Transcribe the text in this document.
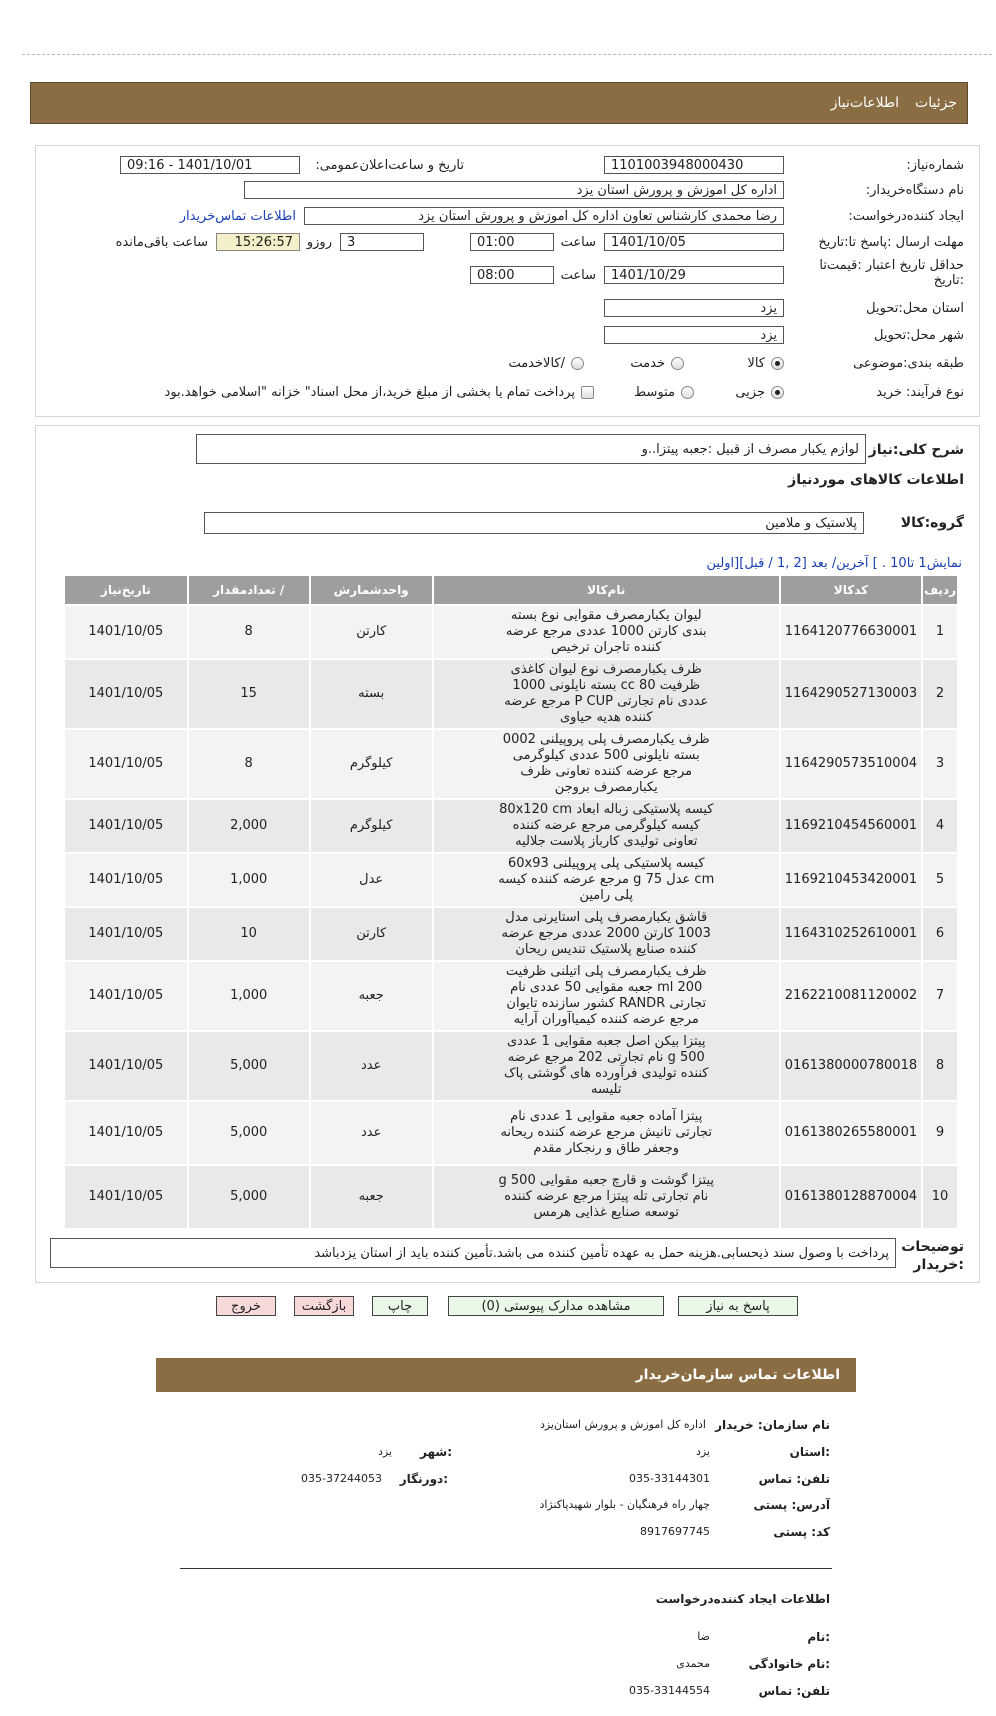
جزئیات
اطلاعات‌نیاز
شماره‌نیاز:
1101003948000430
تاریخ و ساعت‌اعلان‌عمومی:
1401/10/01 - 09:16
نام دستگاه‌خریدار:
اداره کل اموزش و پرورش استان یزد
ایجاد کننده‌درخواست:
رضا محمدی کارشناس تعاون اداره کل اموزش و پرورش استان یزد
اطلاعات تماس‌خریدار
مهلت ارسال :پاسخ تا:تاریخ
1401/10/05
ساعت
01:00
3
روزو
15:26:57
ساعت باقی‌مانده
حداقل تاریخ اعتبار :قیمت‌تا :تاریخ
1401/10/29
ساعت
08:00
استان محل:تحویل
یزد
شهر محل:تحویل
یزد
طبقه بندی:موضوعی
کالا
خدمت
/کالاخدمت
نوع فرآیند: خرید
جزیی
متوسط
پرداخت تمام یا بخشی از مبلغ خرید،از محل اسناد" خزانه "اسلامی خواهد.بود
شرح کلی:نیاز
لوازم یکبار مصرف از قبیل :جعبه پیتزا..و
اطلاعات کالاهای مورد‌نیاز
گروه:کالا
پلاستیک و ملامین
نمایش1 تا10 . ] آخرین/ بعد [2 ,1 / قبل][اولین
ردیف	کدکالا	نام‌کالا	واحدشمارش	/ تعدادمقدار	تاریخ‌نیاز
1	1164120776630001	لیوان یکبارمصرف مقوایی نوع بسته بندی کارتن 1000 عددی مرجع عرضه کننده تاجران ترخیص	کارتن	8	1401/10/05
2	1164290527130003	ظرف یکبارمصرف نوع لیوان کاغذی ظرفیت 80 cc بسته نایلونی 1000 عددی نام تجارتی P CUP مرجع عرضه کننده هدیه حیاوی	بسته	15	1401/10/05
3	1164290573510004	ظرف یکبارمصرف پلی پروپیلنی 0002 بسته نایلونی 500 عددی کیلوگرمی مرجع عرضه کننده تعاونی ظرف یکبارمصرف بروجن	کیلوگرم	8	1401/10/05
4	1169210454560001	کیسه پلاستیکی زباله ابعاد 80x120 cm کیسه کیلوگرمی مرجع عرضه کننده تعاونی تولیدی کارباز پلاست جلالیه	کیلوگرم	2,000	1401/10/05
5	1169210453420001	کیسه پلاستیکی پلی پروپیلنی 60x93 cm عدل 75 g مرجع عرضه کننده کیسه پلی رامین	عدل	1,000	1401/10/05
6	1164310252610001	قاشق یکبارمصرف پلی استایرنی مدل 1003 کارتن 2000 عددی مرجع عرضه کننده صنایع پلاستیک تندیس ریحان	کارتن	10	1401/10/05
7	2162210081120002	ظرف یکبارمصرف پلی اتیلنی ظرفیت 200 ml جعبه مقوایی 50 عددی نام تجارتی RANDR کشور سازنده تایوان مرجع عرضه کننده کیمیاآوران آرایه	جعبه	1,000	1401/10/05
8	0161380000780018	پیتزا بیکن اصل جعبه مقوایی 1 عددی 500 g نام تجارتی 202 مرجع عرضه کننده تولیدی فرآورده های گوشتی پاک تلیسه	عدد	5,000	1401/10/05
9	0161380265580001	پیتزا آماده جعبه مقوایی 1 عددی نام تجارتی تانیش مرجع عرضه کننده ریحانه وجعفر طاق و رنجکار مقدم	عدد	5,000	1401/10/05
10	0161380128870004	پیتزا گوشت و قارچ جعبه مقوایی 500 g نام تجارتی تله پیتزا مرجع عرضه کننده توسعه صنایع غذایی هرمس	جعبه	5,000	1401/10/05
توضیحات :خریدار
پرداخت با وصول سند ذیحسابی.هزینه حمل به عهده تأمین کننده می باشد.تأمین کننده باید از استان یزدباشد
پاسخ به نیاز
مشاهده مدارک پیوستی (0)
چاپ
بازگشت
خروج
اطلاعات تماس سازمان‌خریدار
نام سازمان: خریدار
اداره کل اموزش و پرورش استان‌یزد
:استان
یزد
:شهر
یزد
تلفن: تماس
035-33144301
:دورنگار
035-37244053
آدرس: پستی
چهار راه فرهنگیان - بلوار شهیدپاکنژاد
کد: پستی
8917697745
اطلاعات ایجاد کننده‌درخواست
:نام
ضا
:نام خانوادگی
محمدی
تلفن: تماس
035-33144554
